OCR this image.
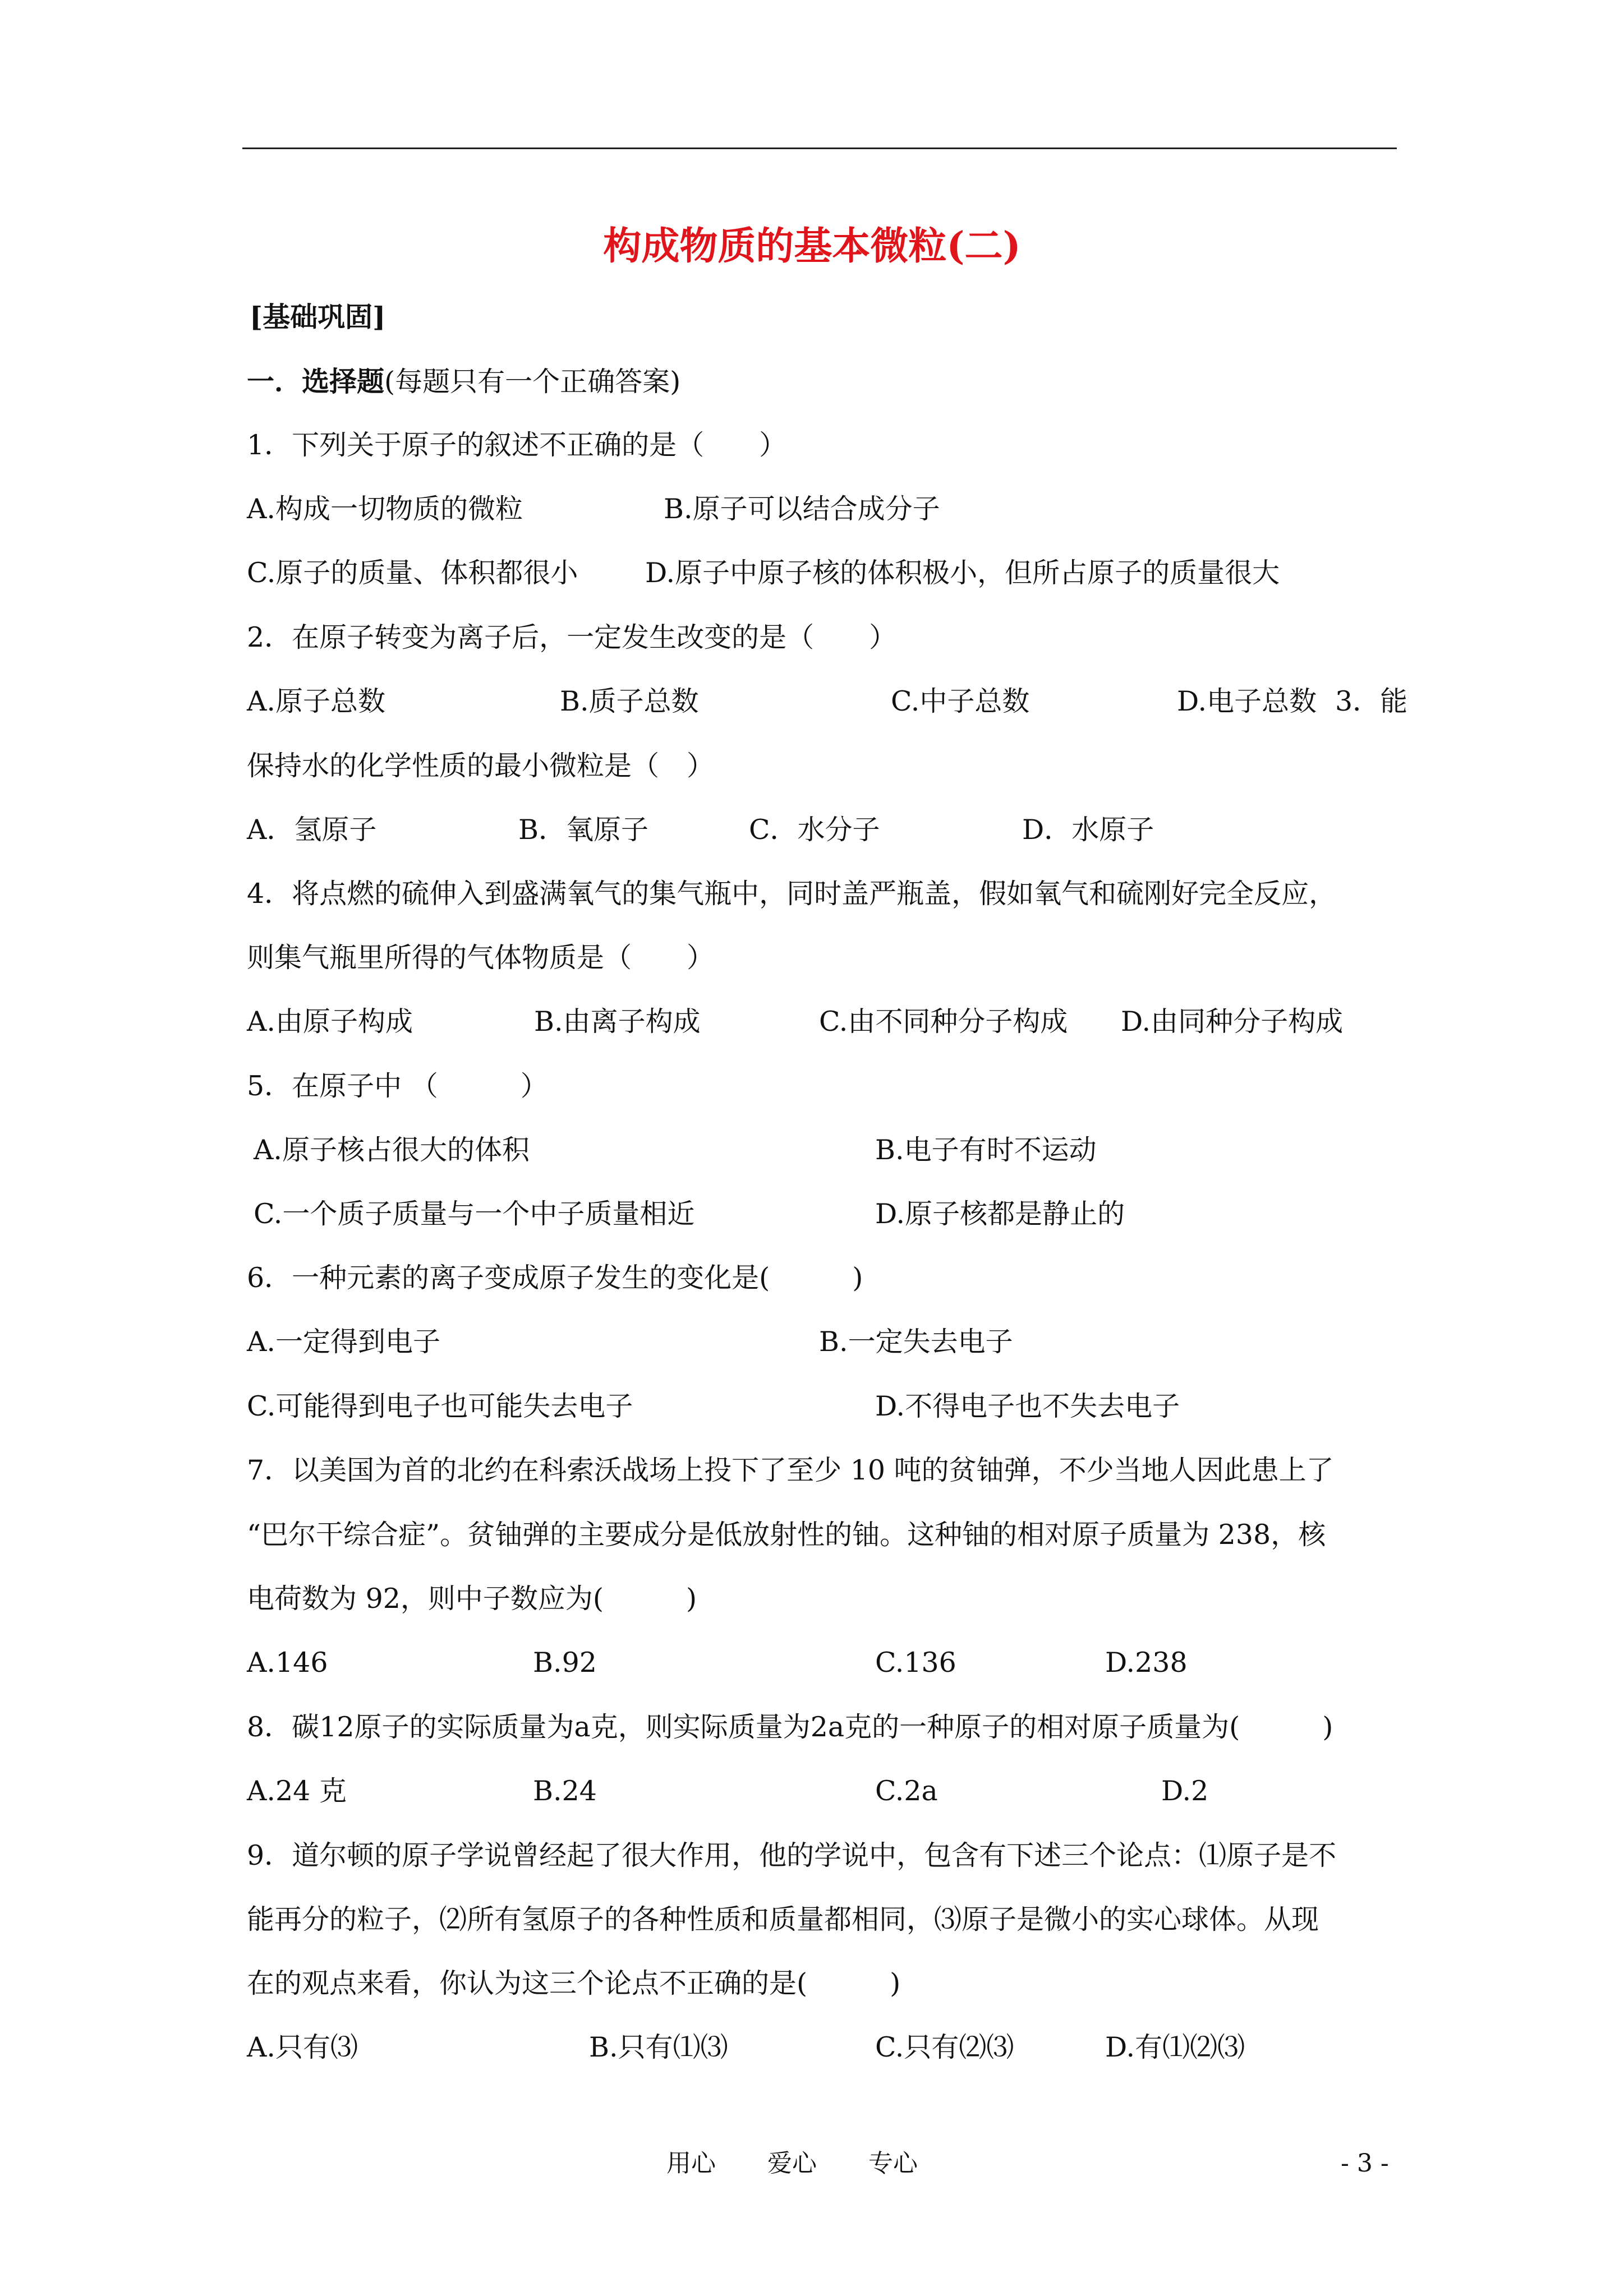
构成物质的基本微粒(二)
[基础巩固]
一．选择题(每题只有一个正确答案)
1．下列关于原子的叙述不正确的是（　　）
A.构成一切物质的微粒	B.原子可以结合成分子
C.原子的质量、体积都很小 D.原子中原子核的体积极小，但所占原子的质量很大
2．在原子转变为离子后，一定发生改变的是（　　）
A.原子总数	B.质子总数	C.中子总数	D.电子总数 3．能
保持水的化学性质的最小微粒是（　）
A．氢原子	B．氧原子	C．水分子	D．水原子
4．将点燃的硫伸入到盛满氧气的集气瓶中，同时盖严瓶盖，假如氧气和硫刚好完全反应，
则集气瓶里所得的气体物质是（　　）
A.由原子构成	B.由离子构成	C.由不同种分子构成 D.由同种分子构成
5．在原子中 （　　　）
A.原子核占很大的体积	B.电子有时不运动
C.一个质子质量与一个中子质量相近	D.原子核都是静止的
6．一种元素的离子变成原子发生的变化是(　　　)
A.一定得到电子	B.一定失去电子
C.可能得到电子也可能失去电子	D.不得电子也不失去电子
7．以美国为首的北约在科索沃战场上投下了至少 10 吨的贫铀弹，不少当地人因此患上了
“巴尔干综合症”。贫铀弹的主要成分是低放射性的铀。这种铀的相对原子质量为 238，核
电荷数为 92，则中子数应为(　　　)
A.146	B.92	C.136	D.238
8．碳12原子的实际质量为a克，则实际质量为2a克的一种原子的相对原子质量为(　　　)
A.24 克	B.24	C.2a	D.2
9．道尔顿的原子学说曾经起了很大作用，他的学说中，包含有下述三个论点：⑴原子是不
能再分的粒子，⑵所有氢原子的各种性质和质量都相同，⑶原子是微小的实心球体。从现
在的观点来看，你认为这三个论点不正确的是(　　　)
A.只有⑶	B.只有⑴⑶	C.只有⑵⑶	D.有⑴⑵⑶
用心 爱心 专心	- 3 -
